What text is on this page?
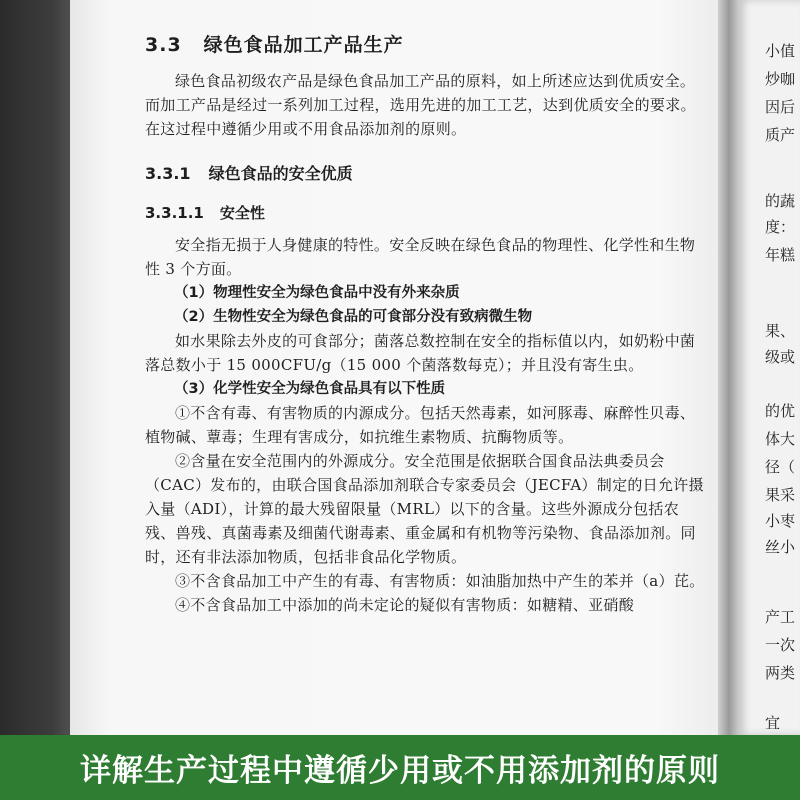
3.3 绿色食品加工产品生产

绿色食品初级农产品是绿色食品加工产品的原料，如上所述应达到优质安全。而加工产品是经过一系列加工过程，选用先进的加工工艺，达到优质安全的要求。在这过程中遵循少用或不用食品添加剂的原则。

3.3.1 绿色食品的安全优质
3.3.1.1 安全性

安全指无损于人身健康的特性。安全反映在绿色食品的物理性、化学性和生物性 3 个方面。

（1）物理性安全为绿色食品中没有外来杂质

（2）生物性安全为绿色食品的可食部分没有致病微生物

如水果除去外皮的可食部分；菌落总数控制在安全的指标值以内，如奶粉中菌落总数小于 15 000CFU/g（15 000 个菌落数每克）；并且没有寄生虫。

（3）化学性安全为绿色食品具有以下性质

①不含有毒、有害物质的内源成分。包括天然毒素，如河豚毒、麻醉性贝毒、植物碱、蕈毒；生理有害成分，如抗维生素物质、抗酶物质等。

②含量在安全范围内的外源成分。安全范围是依据联合国食品法典委员会（CAC）发布的，由联合国食品添加剂联合专家委员会（JECFA）制定的日允许摄入量（ADI），计算的最大残留限量（MRL）以下的含量。这些外源成分包括农残、兽残、真菌毒素及细菌代谢毒素、重金属和有机物等污染物、食品添加剂。同时，还有非法添加物质，包括非食品化学物质。

③不含食品加工中产生的有毒、有害物质：如油脂加热中产生的苯并（a）芘。

④不含食品加工中添加的尚未定论的疑似有害物质：如糖精、亚硝酸

小值
炒咖
因后
质产
的蔬
度：
年糕
果、
级或
的优
体大
径（
果采
小枣
丝小
产工
一次
两类
宜
详解生产过程中遵循少用或不用添加剂的原则
